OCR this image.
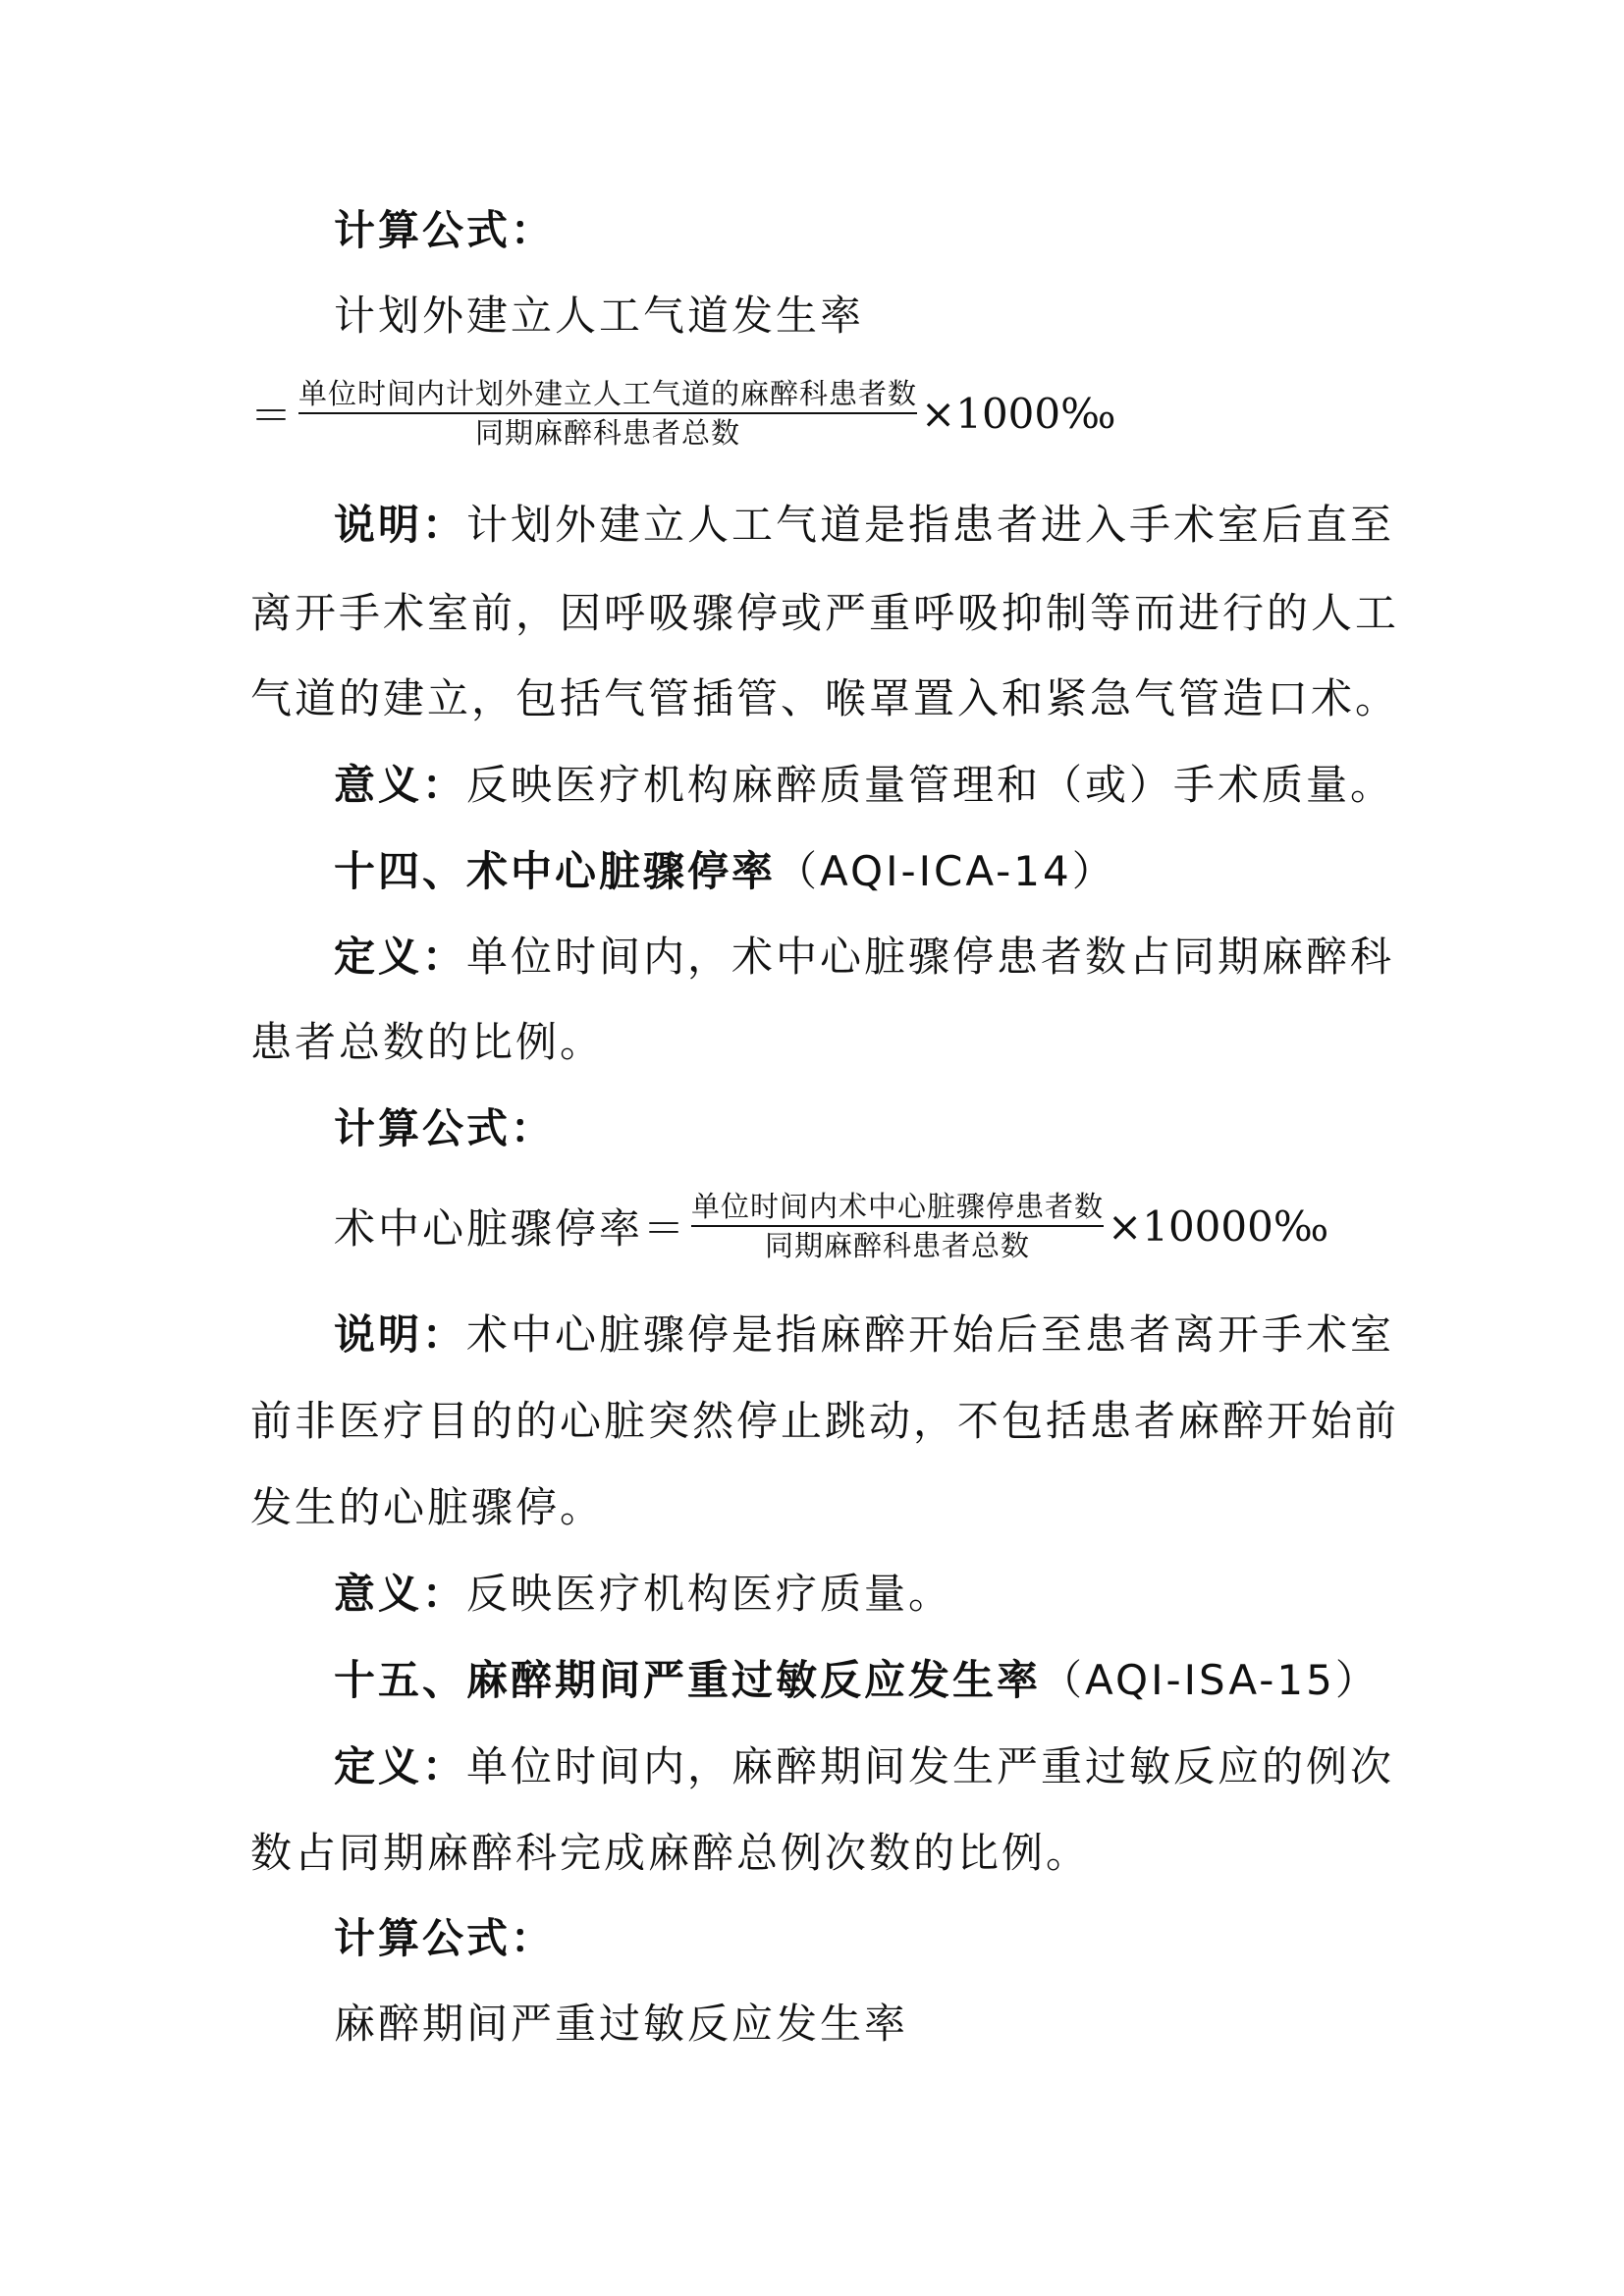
计算公式：
计划外建立人工气道发生率
＝ $\frac{\text{单位时间内计划外建立人工气道的麻醉科患者数}}{\text{同期麻醉科患者总数}}$ ×1000‰
说明：计划外建立人工气道是指患者进入手术室后直至
离开手术室前，因呼吸骤停或严重呼吸抑制等而进行的人工
气道的建立，包括气管插管、喉罩置入和紧急气管造口术。
意义：反映医疗机构麻醉质量管理和（或）手术质量。
十四、术中心脏骤停率（AQI-ICA-14）
定义：单位时间内，术中心脏骤停患者数占同期麻醉科
患者总数的比例。
计算公式：
术中心脏骤停率＝ $\frac{\text{单位时间内术中心脏骤停患者数}}{\text{同期麻醉科患者总数}}$ ×10000‰
说明：术中心脏骤停是指麻醉开始后至患者离开手术室
前非医疗目的的心脏突然停止跳动，不包括患者麻醉开始前
发生的心脏骤停。
意义：反映医疗机构医疗质量。
十五、麻醉期间严重过敏反应发生率（AQI-ISA-15）
定义：单位时间内，麻醉期间发生严重过敏反应的例次
数占同期麻醉科完成麻醉总例次数的比例。
计算公式：
麻醉期间严重过敏反应发生率
